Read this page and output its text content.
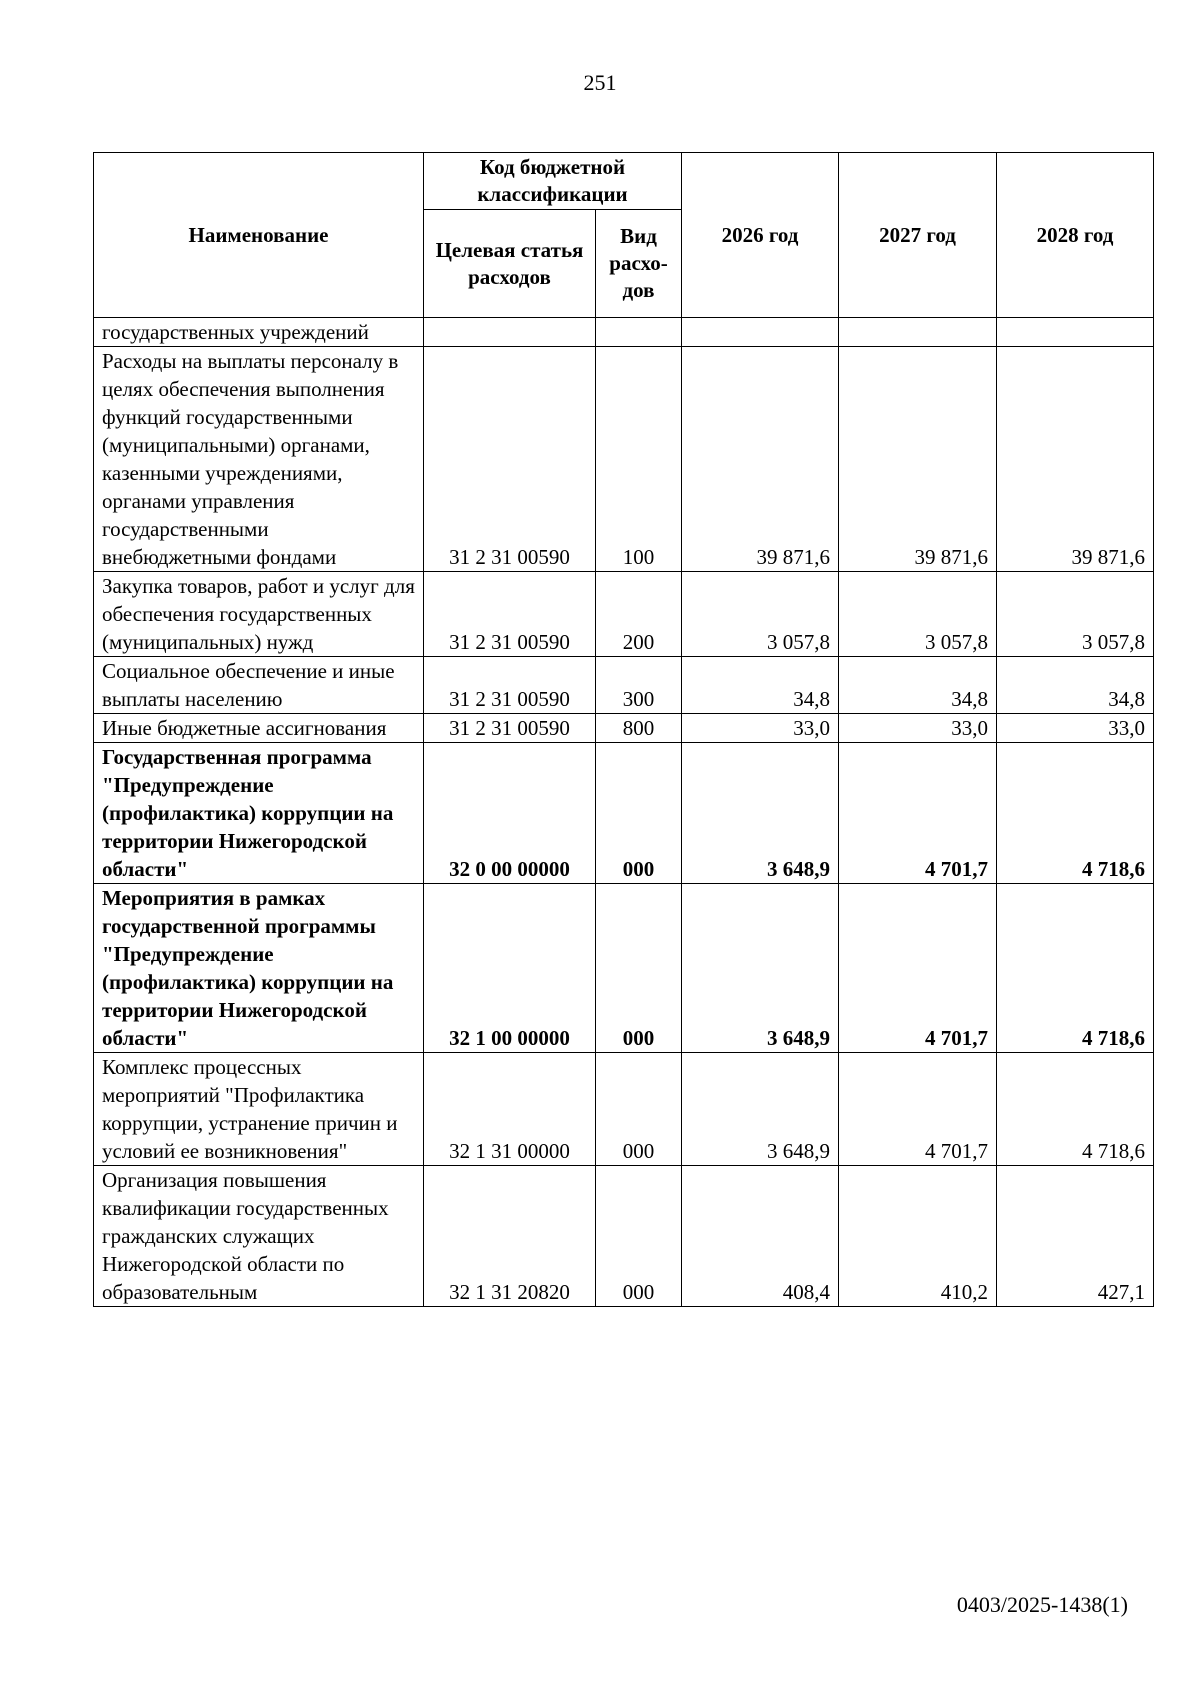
251
Наименование	Код бюджетной классификации		2026 год	2027 год	2028 год
	Целевая статья расходов	Вид расхо-дов			
государственных учреждений					
Расходы на выплаты персоналу в целях обеспечения выполнения функций государственными (муниципальными) органами, казенными учреждениями, органами управления государственными внебюджетными фондами	31 2 31 00590	100	39 871,6	39 871,6	39 871,6
Закупка товаров, работ и услуг для обеспечения государственных (муниципальных) нужд	31 2 31 00590	200	3 057,8	3 057,8	3 057,8
Социальное обеспечение и иные выплаты населению	31 2 31 00590	300	34,8	34,8	34,8
Иные бюджетные ассигнования	31 2 31 00590	800	33,0	33,0	33,0
Государственная программа "Предупреждение (профилактика) коррупции на территории Нижегородской области"	32 0 00 00000	000	3 648,9	4 701,7	4 718,6
Мероприятия в рамках государственной программы "Предупреждение (профилактика) коррупции на территории Нижегородской области"	32 1 00 00000	000	3 648,9	4 701,7	4 718,6
Комплекс процессных мероприятий "Профилактика коррупции, устранение причин и условий ее возникновения"	32 1 31 00000	000	3 648,9	4 701,7	4 718,6
Организация повышения квалификации государственных гражданских служащих Нижегородской области по образовательным	32 1 31 20820	000	408,4	410,2	427,1
0403/2025-1438(1)
